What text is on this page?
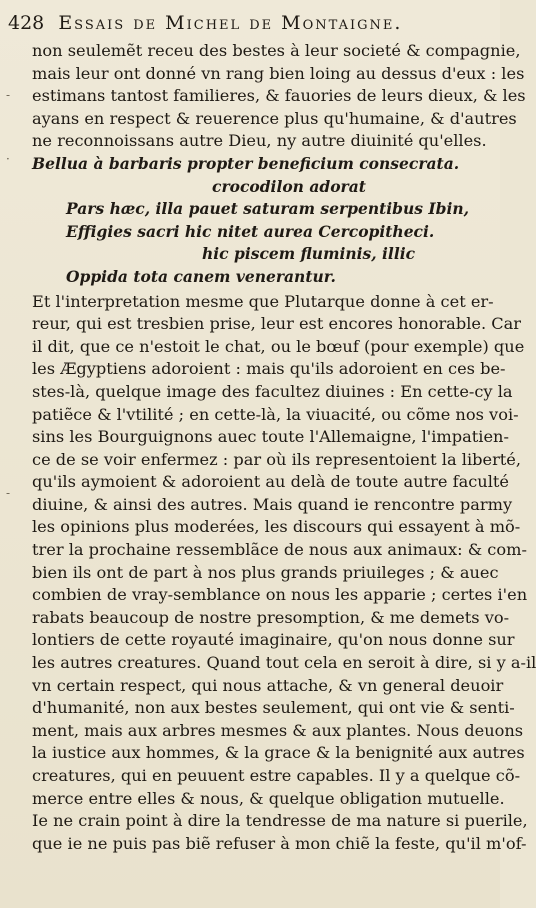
428 Essais de Michel de Montaigne.
-
·
-
non seulemẽt receu des bestes à leur societé & compagnie,
mais leur ont donné vn rang bien loing au dessus d'eux : les
estimans tantost familieres, & fauories de leurs dieux, & les
ayans en respect & reuerence plus qu'humaine, & d'autres
ne reconnoissans autre Dieu, ny autre diuinité qu'elles.
Bellua à barbaris propter beneficium consecrata.
crocodilon adorat
Pars hæc, illa pauet saturam serpentibus Ibin,
Effigies sacri hic nitet aurea Cercopitheci.
hic piscem fluminis, illic
Oppida tota canem venerantur.
Et l'interpretation mesme que Plutarque donne à cet er-
reur, qui est tresbien prise, leur est encores honorable. Car
il dit, que ce n'estoit le chat, ou le bœuf (pour exemple) que
les Ægyptiens adoroient : mais qu'ils adoroient en ces be-
stes-là, quelque image des facultez diuines : En cette-cy la
patiẽce & l'vtilité ; en cette-là, la viuacité, ou cõme nos voi-
sins les Bourguignons auec toute l'Allemaigne, l'impatien-
ce de se voir enfermez : par où ils representoient la liberté,
qu'ils aymoient & adoroient au delà de toute autre faculté
diuine, & ainsi des autres. Mais quand ie rencontre parmy
les opinions plus moderées, les discours qui essayent à mõ-
trer la prochaine ressemblãce de nous aux animaux: & com-
bien ils ont de part à nos plus grands priuileges ; & auec
combien de vray-semblance on nous les apparie ; certes i'en
rabats beaucoup de nostre presomption, & me demets vo-
lontiers de cette royauté imaginaire, qu'on nous donne sur
les autres creatures. Quand tout cela en seroit à dire, si y a-il
vn certain respect, qui nous attache, & vn general deuoir
d'humanité, non aux bestes seulement, qui ont vie & senti-
ment, mais aux arbres mesmes & aux plantes. Nous deuons
la iustice aux hommes, & la grace & la benignité aux autres
creatures, qui en peuuent estre capables. Il y a quelque cõ-
merce entre elles & nous, & quelque obligation mutuelle.
Ie ne crain point à dire la tendresse de ma nature si puerile,
que ie ne puis pas biẽ refuser à mon chiẽ la feste, qu'il m'of-
